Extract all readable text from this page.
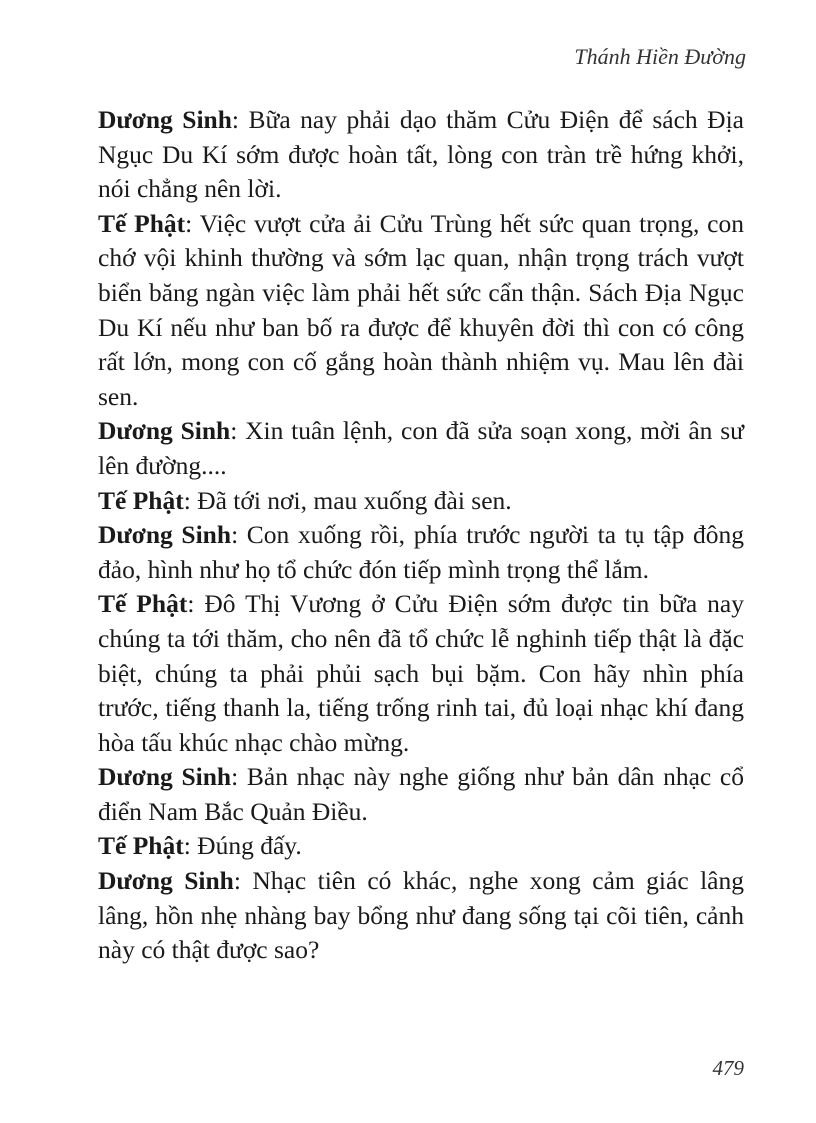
Thánh Hiền Đường

Dương Sinh: Bữa nay phải dạo thăm Cửu Điện để sách Địa Ngục Du Kí sớm được hoàn tất, lòng con tràn trề hứng khởi, nói chẳng nên lời.

Tế Phật: Việc vượt cửa ải Cửu Trùng hết sức quan trọng, con chớ vội khinh thường và sớm lạc quan, nhận trọng trách vượt biển băng ngàn việc làm phải hết sức cẩn thận. Sách Địa Ngục Du Kí nếu như ban bố ra được để khuyên đời thì con có công rất lớn, mong con cố gắng hoàn thành nhiệm vụ. Mau lên đài sen.

Dương Sinh: Xin tuân lệnh, con đã sửa soạn xong, mời ân sư lên đường....

Tế Phật: Đã tới nơi, mau xuống đài sen.

Dương Sinh: Con xuống rồi, phía trước người ta tụ tập đông đảo, hình như họ tổ chức đón tiếp mình trọng thể lắm.

Tế Phật: Đô Thị Vương ở Cửu Điện sớm được tin bữa nay chúng ta tới thăm, cho nên đã tổ chức lễ nghinh tiếp thật là đặc biệt, chúng ta phải phủi sạch bụi bặm. Con hãy nhìn phía trước, tiếng thanh la, tiếng trống rinh tai, đủ loại nhạc khí đang hòa tấu khúc nhạc chào mừng.

Dương Sinh: Bản nhạc này nghe giống như bản dân nhạc cổ điển Nam Bắc Quản Điều.

Tế Phật: Đúng đấy.

Dương Sinh: Nhạc tiên có khác, nghe xong cảm giác lâng lâng, hồn nhẹ nhàng bay bổng như đang sống tại cõi tiên, cảnh này có thật được sao?

479
